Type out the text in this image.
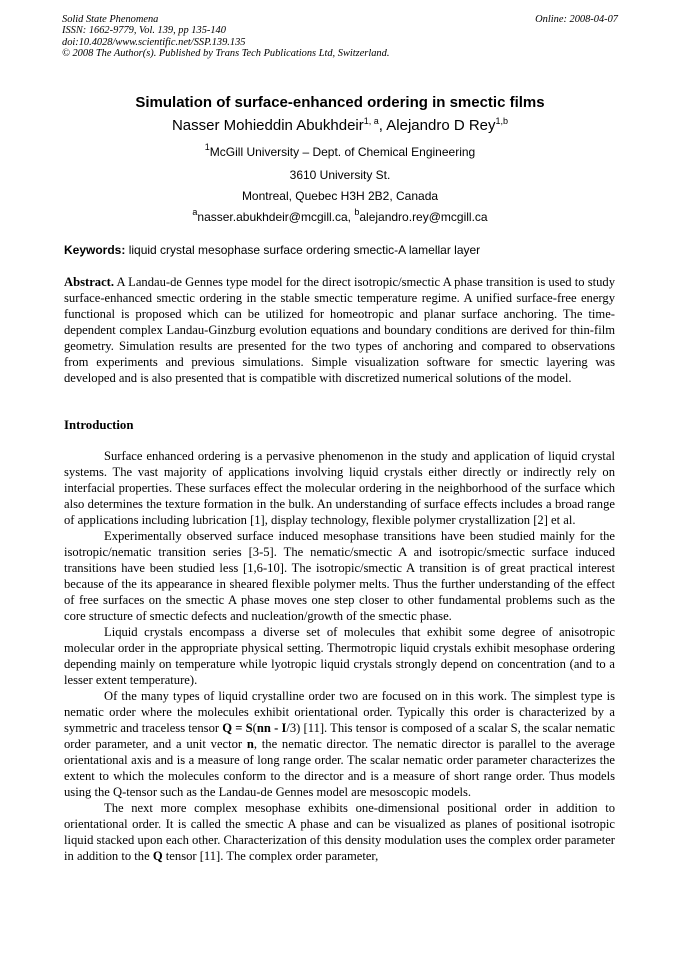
Solid State Phenomena
ISSN: 1662-9779, Vol. 139, pp 135-140
doi:10.4028/www.scientific.net/SSP.139.135
© 2008 The Author(s). Published by Trans Tech Publications Ltd, Switzerland.
Online: 2008-04-07
Simulation of surface-enhanced ordering in smectic films
Nasser Mohieddin Abukhdeir$^{1, a}$, Alejandro D Rey$^{1,b}$
$^1$McGill University – Dept. of Chemical Engineering
3610 University St.
Montreal, Quebec H3H 2B2, Canada
$^a$nasser.abukhdeir@mcgill.ca, $^b$alejandro.rey@mcgill.ca
Keywords: liquid crystal mesophase surface ordering smectic-A lamellar layer
Abstract. A Landau-de Gennes type model for the direct isotropic/smectic A phase transition is used to study surface-enhanced smectic ordering in the stable smectic temperature regime. A unified surface-free energy functional is proposed which can be utilized for homeotropic and planar surface anchoring. The time-dependent complex Landau-Ginzburg evolution equations and boundary conditions are derived for thin-film geometry. Simulation results are presented for the two types of anchoring and compared to observations from experiments and previous simulations. Simple visualization software for smectic layering was developed and is also presented that is compatible with discretized numerical solutions of the model.
Introduction

Surface enhanced ordering is a pervasive phenomenon in the study and application of liquid crystal systems. The vast majority of applications involving liquid crystals either directly or indirectly rely on interfacial properties. These surfaces effect the molecular ordering in the neighborhood of the surface which also determines the texture formation in the bulk. An understanding of surface effects includes a broad range of applications including lubrication [1], display technology, flexible polymer crystallization [2] et al.

Experimentally observed surface induced mesophase transitions have been studied mainly for the isotropic/nematic transition series [3-5]. The nematic/smectic A and isotropic/smectic surface induced transitions have been studied less [1,6-10]. The isotropic/smectic A transition is of great practical interest because of the its appearance in sheared flexible polymer melts. Thus the further understanding of the effect of free surfaces on the smectic A phase moves one step closer to other fundamental problems such as the core structure of smectic defects and nucleation/growth of the smectic phase.

Liquid crystals encompass a diverse set of molecules that exhibit some degree of anisotropic molecular order in the appropriate physical setting. Thermotropic liquid crystals exhibit mesophase ordering depending mainly on temperature while lyotropic liquid crystals strongly depend on concentration (and to a lesser extent temperature).

Of the many types of liquid crystalline order two are focused on in this work. The simplest type is nematic order where the molecules exhibit orientational order. Typically this order is characterized by a symmetric and traceless tensor Q = S(nn - I/3) [11]. This tensor is composed of a scalar S, the scalar nematic order parameter, and a unit vector n, the nematic director. The nematic director is parallel to the average orientational axis and is a measure of long range order. The scalar nematic order parameter characterizes the extent to which the molecules conform to the director and is a measure of short range order. Thus models using the Q-tensor such as the Landau-de Gennes model are mesoscopic models.

The next more complex mesophase exhibits one-dimensional positional order in addition to orientational order. It is called the smectic A phase and can be visualized as planes of positional isotropic liquid stacked upon each other. Characterization of this density modulation uses the complex order parameter in addition to the Q tensor [11]. The complex order parameter,
